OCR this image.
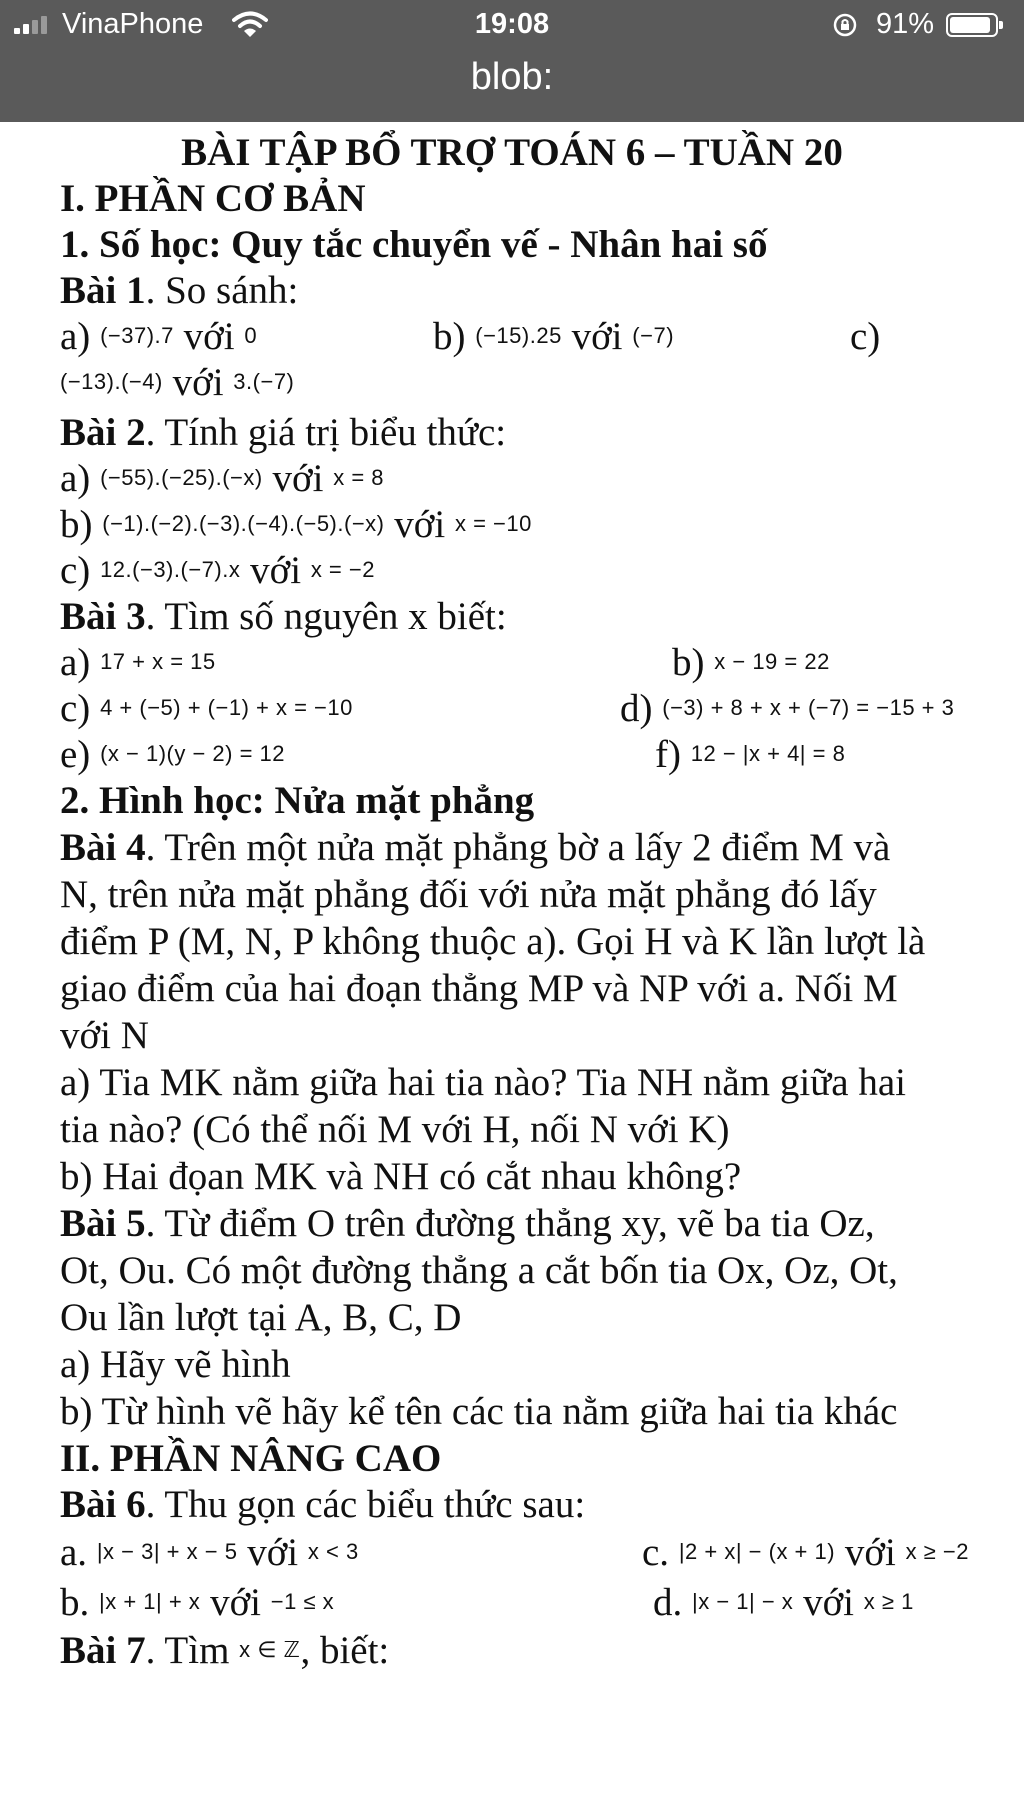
VinaPhone	19:08	91%
blob:
BÀI TẬP BỔ TRỢ TOÁN 6 – TUẦN 20
I. PHẦN CƠ BẢN
1. Số học: Quy tắc chuyển vế - Nhân hai số
Bài 1. So sánh:
a) (−37).7 với 0	b) (−15).25 với (−7)	c)
(−13).(−4) với 3.(−7)
Bài 2. Tính giá trị biểu thức:
a) (−55).(−25).(−x) với x = 8
b) (−1).(−2).(−3).(−4).(−5).(−x) với x = −10
c) 12.(−3).(−7).x với x = −2
Bài 3. Tìm số nguyên x biết:
a) 17 + x = 15	b) x − 19 = 22
c) 4 + (−5) + (−1) + x = −10	d) (−3) + 8 + x + (−7) = −15 + 3
e) (x − 1)(y − 2) = 12	f) 12 − |x + 4| = 8
2. Hình học: Nửa mặt phẳng
Bài 4. Trên một nửa mặt phẳng bờ a lấy 2 điểm M và
N, trên nửa mặt phẳng đối với nửa mặt phẳng đó lấy
điểm P (M, N, P không thuộc a). Gọi H và K lần lượt là
giao điểm của hai đoạn thẳng MP và NP với a. Nối M
với N
a) Tia MK nằm giữa hai tia nào? Tia NH nằm giữa hai
tia nào? (Có thể nối M với H, nối N với K)
b) Hai đọan MK và NH có cắt nhau không?
Bài 5. Từ điểm O trên đường thẳng xy, vẽ ba tia Oz,
Ot, Ou. Có một đường thẳng a cắt bốn tia Ox, Oz, Ot,
Ou lần lượt tại A, B, C, D
a) Hãy vẽ hình
b) Từ hình vẽ hãy kể tên các tia nằm giữa hai tia khác
II. PHẦN NÂNG CAO
Bài 6. Thu gọn các biểu thức sau:
a. |x − 3| + x − 5 với x < 3	c. |2 + x| − (x + 1) với x ≥ −2
b. |x + 1| + x với −1 ≤ x	d. |x − 1| − x với x ≥ 1
Bài 7. Tìm x ∈ ℤ, biết:
